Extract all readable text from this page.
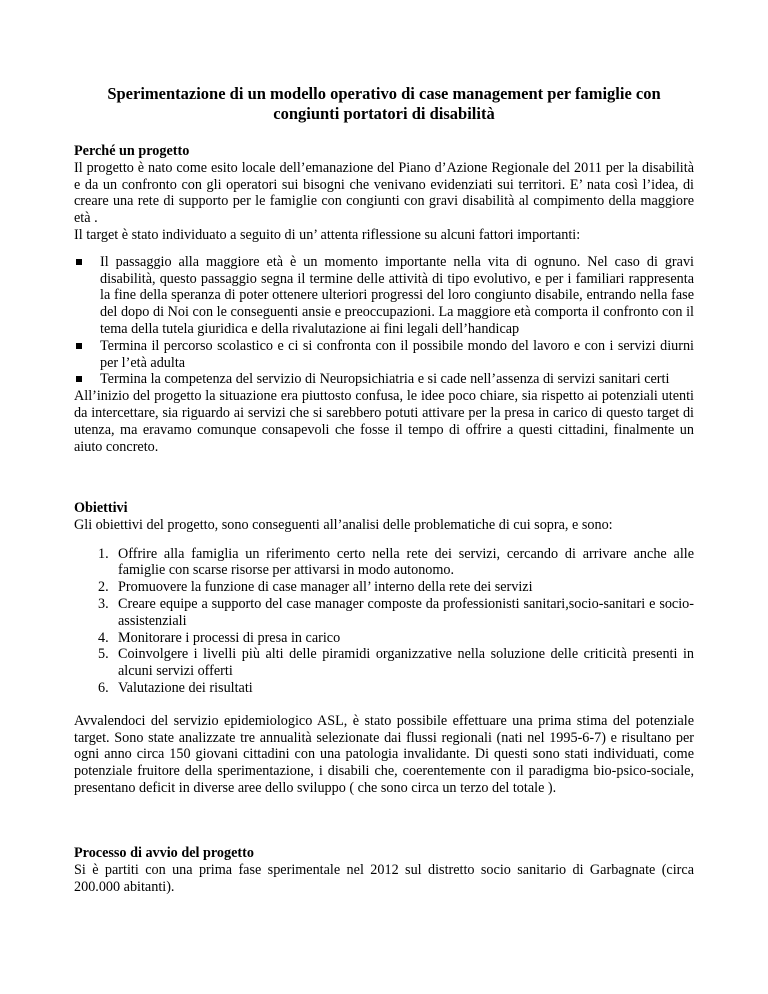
Sperimentazione di un modello operativo di case management per famiglie con
congiunti portatori di disabilità

Perché un progetto

Il progetto è nato come esito locale dell’emanazione del Piano d’Azione Regionale del 2011 per la disabilità e da un confronto con gli operatori sui bisogni che venivano evidenziati sui territori. E’ nata così l’idea, di creare una rete di supporto per le famiglie con congiunti con gravi disabilità al compimento della maggiore età .

Il target è stato individuato a seguito di un’ attenta riflessione su alcuni fattori importanti:

Il passaggio alla maggiore età è un momento importante nella vita di ognuno. Nel caso di gravi disabilità, questo passaggio segna il termine delle attività di tipo evolutivo, e per i familiari rappresenta la fine della speranza di poter ottenere ulteriori progressi del loro congiunto disabile, entrando nella fase del dopo di Noi con le conseguenti ansie e preoccupazioni. La maggiore età comporta il confronto con il tema della tutela giuridica e della rivalutazione ai fini legali dell’handicap
Termina il percorso scolastico e ci si confronta con il possibile mondo del lavoro e con i servizi diurni per l’età adulta
Termina la competenza del servizio di Neuropsichiatria e si cade nell’assenza di servizi sanitari certi

All’inizio del progetto la situazione era piuttosto confusa, le idee poco chiare, sia rispetto ai potenziali utenti da intercettare, sia riguardo ai servizi che si sarebbero potuti attivare per la presa in carico di questo target di utenza, ma eravamo comunque consapevoli che fosse il tempo di offrire a questi cittadini, finalmente un aiuto concreto.

Obiettivi

Gli obiettivi del progetto, sono conseguenti all’analisi delle problematiche di cui sopra, e sono:

1. Offrire alla famiglia un riferimento certo nella rete dei servizi, cercando di arrivare anche alle famiglie con scarse risorse per attivarsi in modo autonomo.
2. Promuovere la funzione di case manager all’ interno della rete dei servizi
3. Creare equipe a supporto del case manager composte da professionisti sanitari,socio-sanitari e socio-assistenziali
4. Monitorare i processi di presa in carico
5. Coinvolgere i livelli più alti delle piramidi organizzative nella soluzione delle criticità presenti in alcuni servizi offerti
6. Valutazione dei risultati

Avvalendoci del servizio epidemiologico ASL, è stato possibile effettuare una prima stima del potenziale target. Sono state analizzate tre annualità selezionate dai flussi regionali (nati nel 1995-6-7) e risultano per ogni anno circa 150 giovani cittadini con una patologia invalidante. Di questi sono stati individuati, come potenziale fruitore della sperimentazione, i disabili che, coerentemente con il paradigma bio-psico-sociale, presentano deficit in diverse aree dello sviluppo ( che sono circa un terzo del totale ).

Processo di avvio del progetto

Si è partiti con una prima fase sperimentale nel 2012 sul distretto socio sanitario di Garbagnate (circa 200.000 abitanti).
